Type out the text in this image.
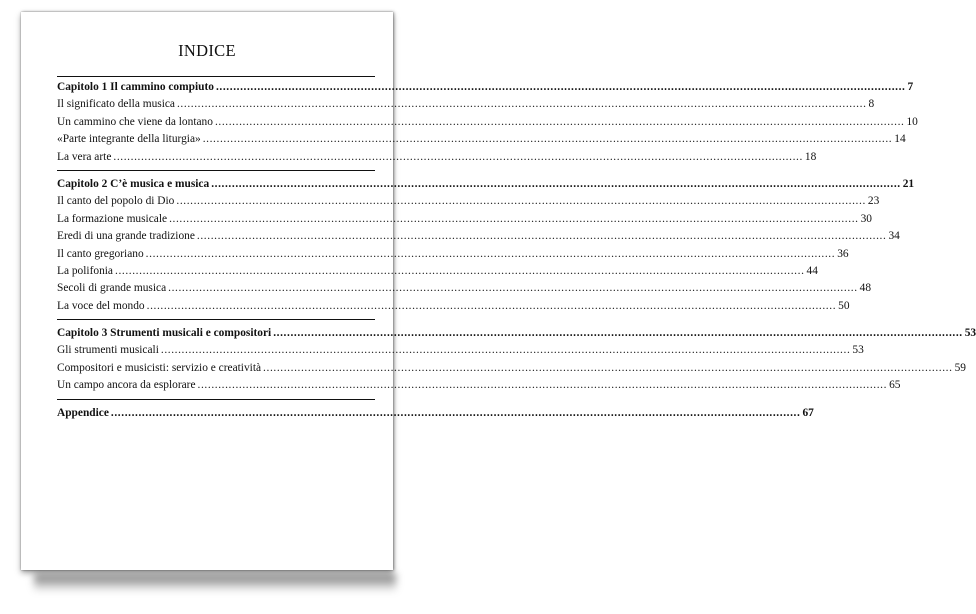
INDICE
Capitolo 1 Il cammino compiuto ........................................................................................................................................................................................................ 7
Il significato della musica ........................................................................................................................................................................................................ 8
Un cammino che viene da lontano ........................................................................................................................................................................................................ 10
«Parte integrante della liturgia» ........................................................................................................................................................................................................ 14
La vera arte ........................................................................................................................................................................................................ 18
Capitolo 2 C’è musica e musica ........................................................................................................................................................................................................ 21
Il canto del popolo di Dio ........................................................................................................................................................................................................ 23
La formazione musicale ........................................................................................................................................................................................................ 30
Eredi di una grande tradizione ........................................................................................................................................................................................................ 34
Il canto gregoriano ........................................................................................................................................................................................................ 36
La polifonia ........................................................................................................................................................................................................ 44
Secoli di grande musica ........................................................................................................................................................................................................ 48
La voce del mondo ........................................................................................................................................................................................................ 50
Capitolo 3 Strumenti musicali e compositori ........................................................................................................................................................................................................ 53
Gli strumenti musicali ........................................................................................................................................................................................................ 53
Compositori e musicisti: servizio e creatività ........................................................................................................................................................................................................ 59
Un campo ancora da esplorare ........................................................................................................................................................................................................ 65
Appendice ........................................................................................................................................................................................................ 67
